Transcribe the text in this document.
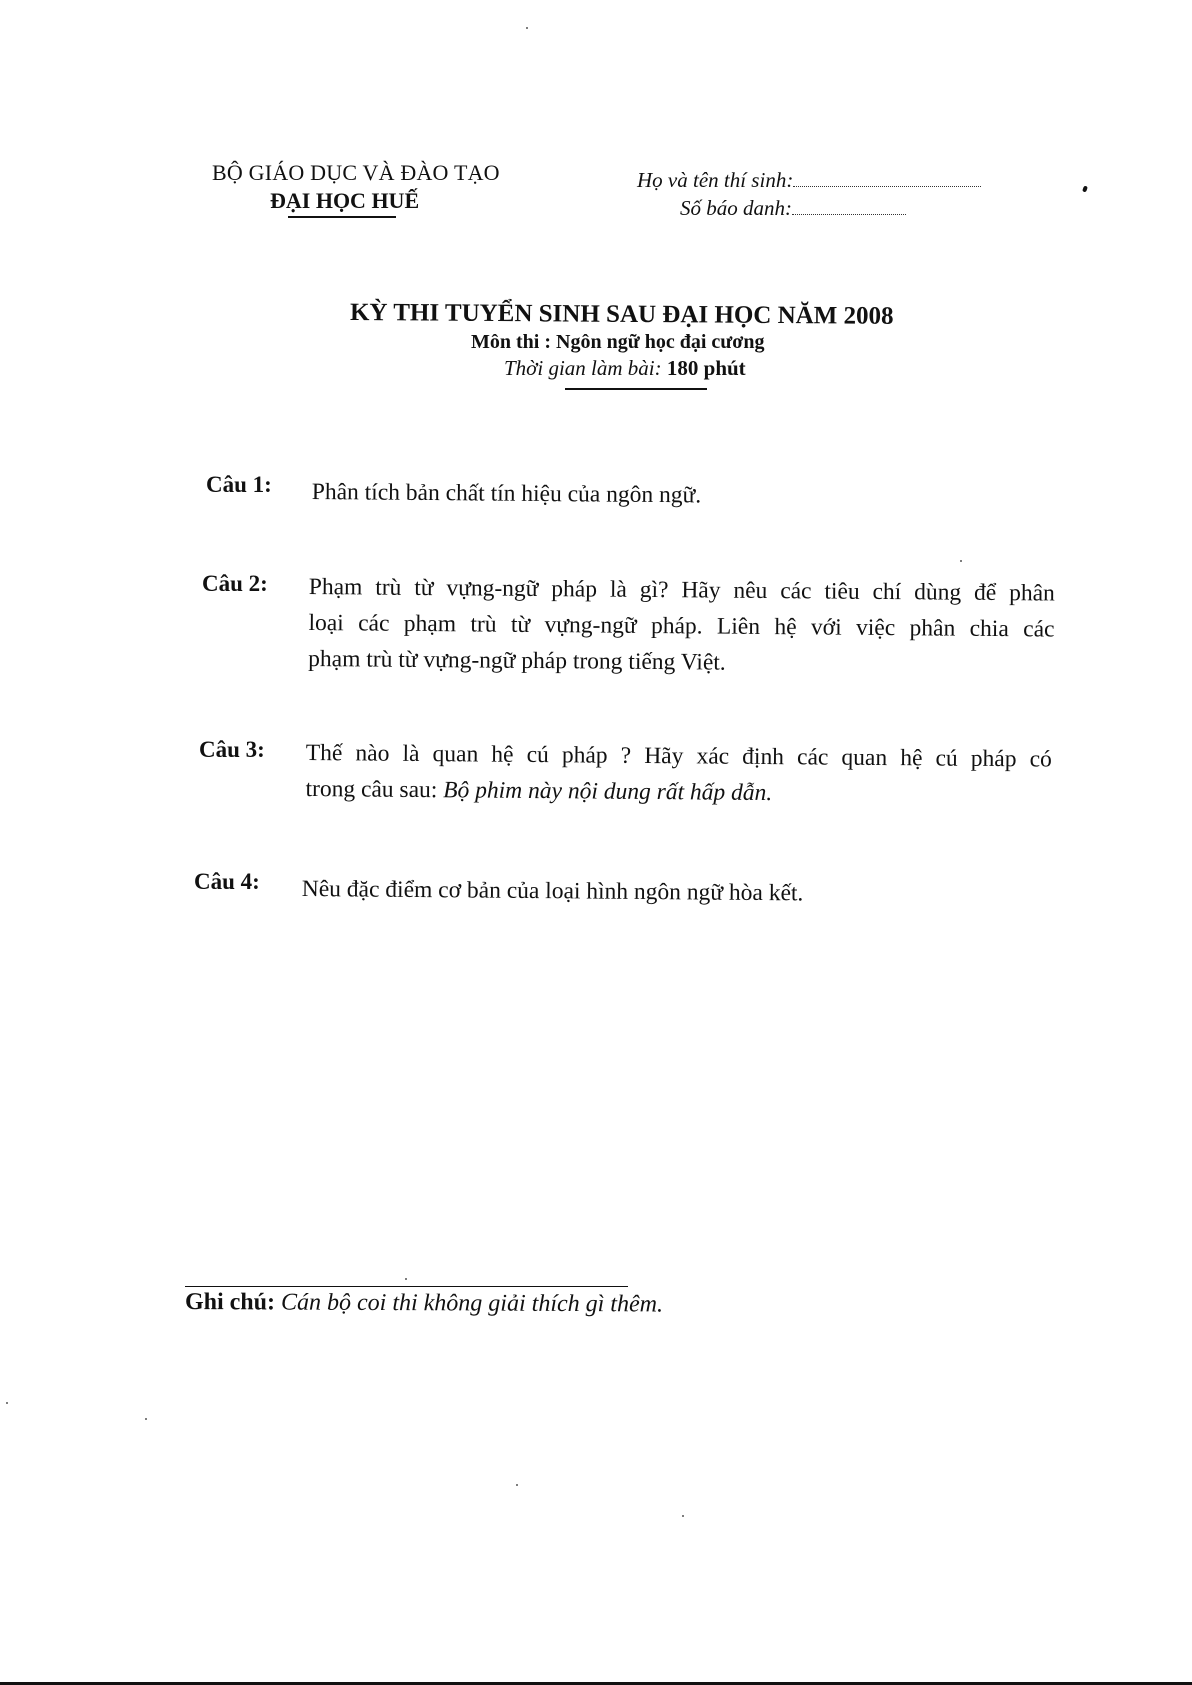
BỘ GIÁO DỤC VÀ ĐÀO TẠO
ĐẠI HỌC HUẾ
Họ và tên thí sinh:
Số báo danh:
KỲ THI TUYỂN SINH SAU ĐẠI HỌC NĂM 2008
Môn thi : Ngôn ngữ học đại cương
Thời gian làm bài: 180 phút
Câu 1: Phân tích bản chất tín hiệu của ngôn ngữ.
Câu 2: Phạm trù từ vựng-ngữ pháp là gì? Hãy nêu các tiêu chí dùng để phân
loại các phạm trù từ vựng-ngữ pháp. Liên hệ với việc phân chia các
phạm trù từ vựng-ngữ pháp trong tiếng Việt.
Câu 3: Thế nào là quan hệ cú pháp ? Hãy xác định các quan hệ cú pháp có
trong câu sau: Bộ phim này nội dung rất hấp dẫn.
Câu 4: Nêu đặc điểm cơ bản của loại hình ngôn ngữ hòa kết.
Ghi chú: Cán bộ coi thi không giải thích gì thêm.
